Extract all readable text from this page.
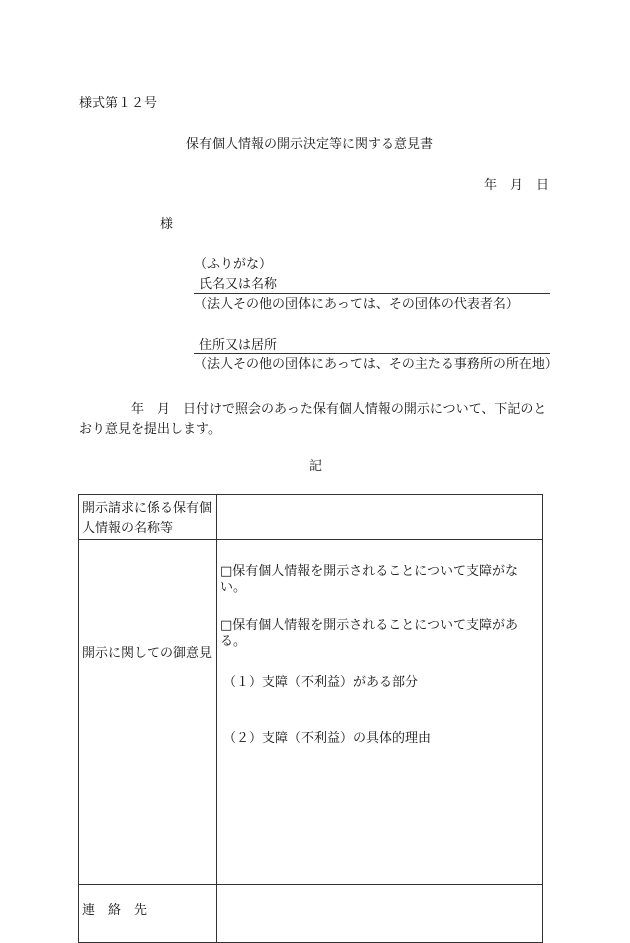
様式第１２号
保有個人情報の開示決定等に関する意見書
年　月　日
様
（ふりがな）
氏名又は名称
（法人その他の団体にあっては、その団体の代表者名）
住所又は居所
（法人その他の団体にあっては、その主たる事務所の所在地）
年　月　日付けで照会のあった保有個人情報の開示について、下記のとおり意見を提出します。
記
開示請求に係る保有個人情報の名称等	
開示に関しての御意見	□保有個人情報を開示されることについて支障がない。
□保有個人情報を開示されることについて支障がある。
（１）支障（不利益）がある部分
（２）支障（不利益）の具体的理由

連絡先	
